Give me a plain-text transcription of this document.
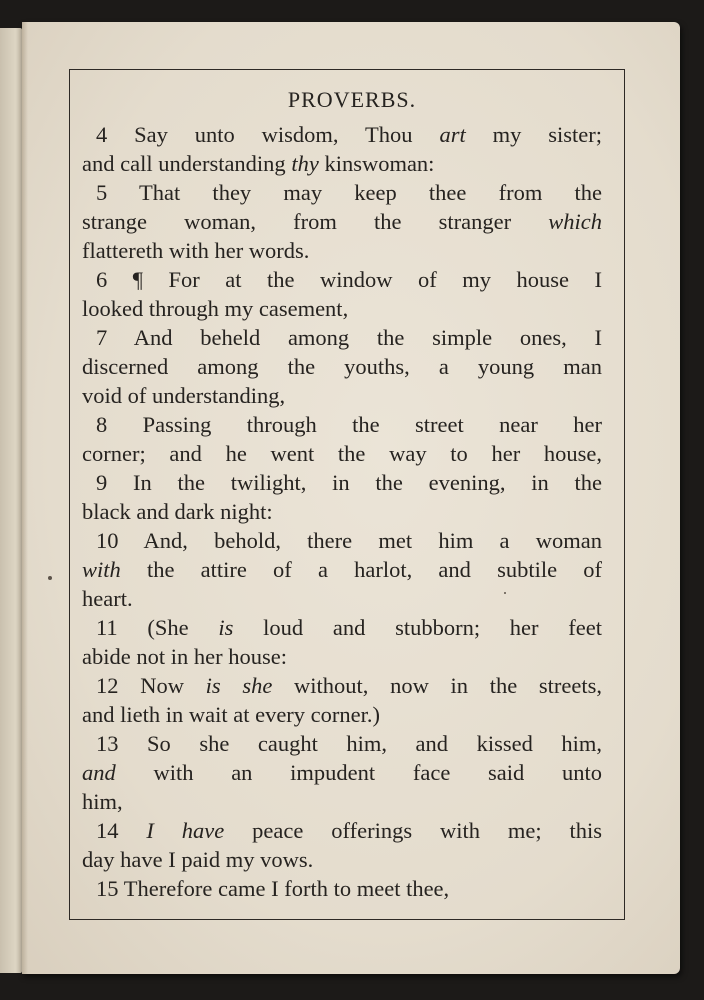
PROVERBS.
4 Say unto wisdom, Thou art my sister;
and call understanding thy kinswoman:
5 That they may keep thee from the
strange woman, from the stranger which
flattereth with her words.
6 ¶ For at the window of my house I
looked through my casement,
7 And beheld among the simple ones, I
discerned among the youths, a young man
void of understanding,
8 Passing through the street near her
corner; and he went the way to her house,
9 In the twilight, in the evening, in the
black and dark night:
10 And, behold, there met him a woman
with the attire of a harlot, and subtile of
heart.
11 (She is loud and stubborn; her feet
abide not in her house:
12 Now is she without, now in the streets,
and lieth in wait at every corner.)
13 So she caught him, and kissed him,
and with an impudent face said unto
him,
14 I have peace offerings with me; this
day have I paid my vows.
15 Therefore came I forth to meet thee,
